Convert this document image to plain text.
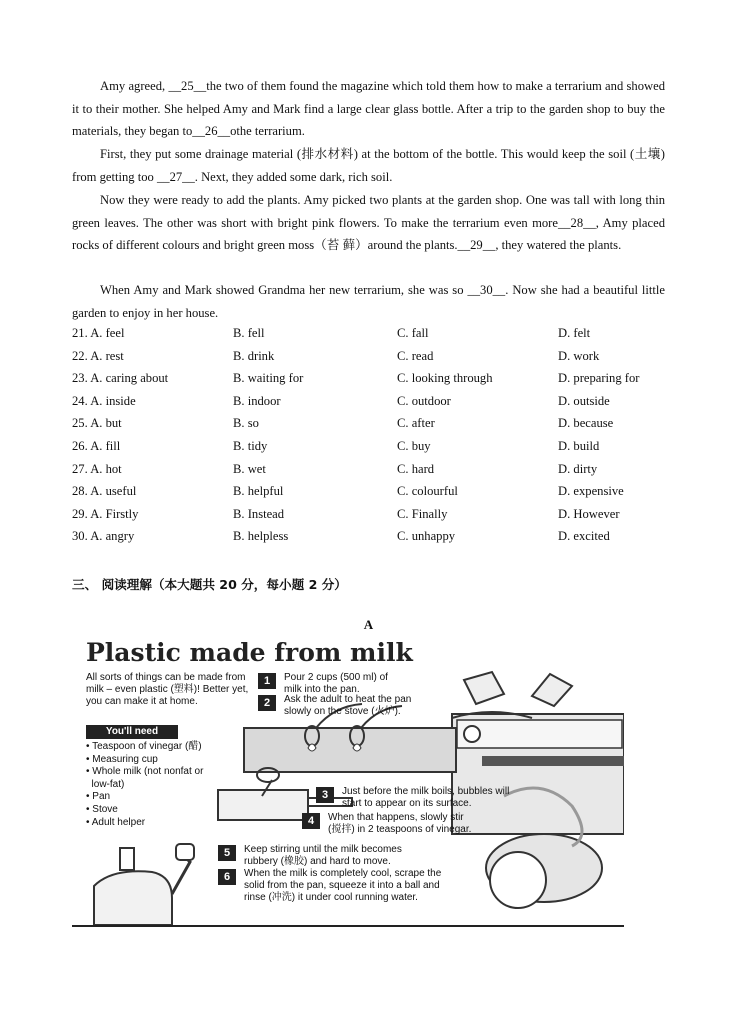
Amy agreed, __25__the two of them found the magazine which told them how to make a terrarium and showed it to their mother. She helped Amy and Mark find a large clear glass bottle. After a trip to the garden shop to buy the materials, they began to__26__othe terrarium.
First, they put some drainage material (排水材料) at the bottom of the bottle. This would keep the soil (土壤) from getting too __27__. Next, they added some dark, rich soil.
Now they were ready to add the plants. Amy picked two plants at the garden shop. One was tall with long thin green leaves. The other was short with bright pink flowers. To make the terrarium even more__28__, Amy placed rocks of different colours and bright green moss（苔 藓）around the plants.__29__, they watered the plants.
When Amy and Mark showed Grandma her new terrarium, she was so __30__. Now she had a beautiful little garden to enjoy in her house.
21. A. feel	B. fell	C. fall	D. felt
22. A. rest	B. drink	C. read	D. work
23. A. caring about	B. waiting for	C. looking through	D. preparing for
24. A. inside	B. indoor	C. outdoor	D. outside
25. A. but	B. so	C. after	D. because
26. A. fill	B. tidy	C. buy	D. build
27. A. hot	B. wet	C. hard	D. dirty
28. A. useful	B. helpful	C. colourful	D. expensive
29. A. Firstly	B. Instead	C. Finally	D. However
30. A. angry	B. helpless	C. unhappy	D. excited
三、 阅读理解（本大题共 20 分，每小题 2 分）
A
Plastic made from milk
All sorts of things can be made from milk – even plastic (塑料)! Better yet, you can make it at home.
You'll need
• Teaspoon of vinegar (醋)
• Measuring cup
• Whole milk (not nonfat or
low-fat)
• Pan
• Stove
• Adult helper
1	Pour 2 cups (500 ml) of
milk into the pan.
2	Ask the adult to heat the pan
slowly on the stove (火炉).
3	Just before the milk boils, bubbles will
start to appear on its surface.
4	When that happens, slowly stir
(搅拌) in 2 teaspoons of vinegar.
5	Keep stirring until the milk becomes
rubbery (橡胶) and hard to move.
6	When the milk is completely cool, scrape the
solid from the pan, squeeze it into a ball and
rinse (冲洗) it under cool running water.
